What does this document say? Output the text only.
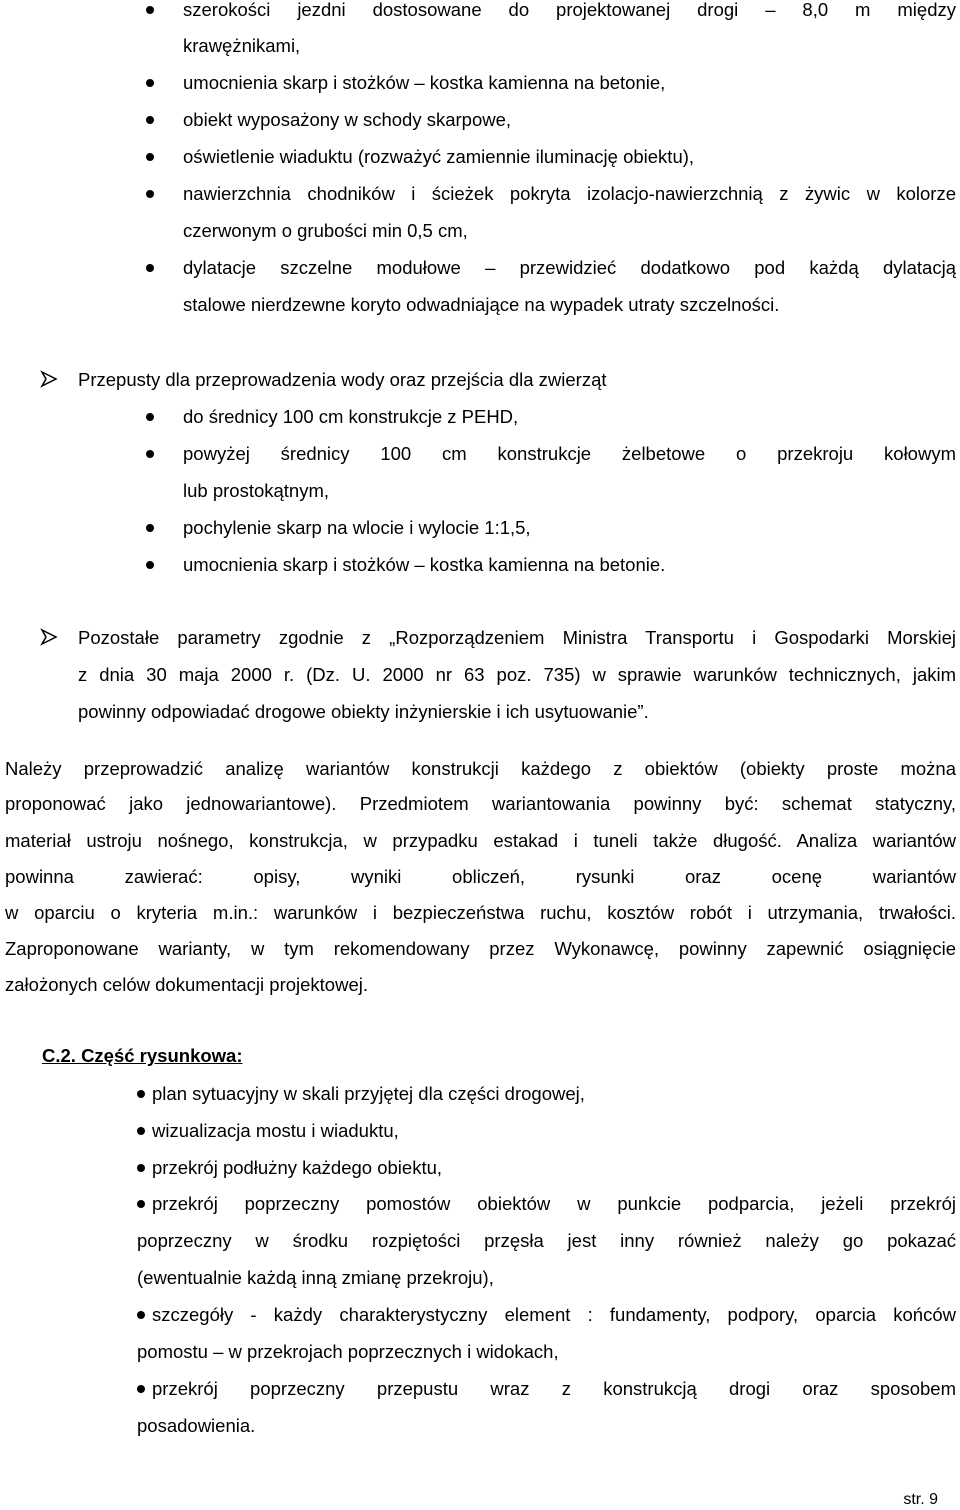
szerokości jezdni dostosowane do projektowanej drogi – 8,0 m między
krawężnikami,
umocnienia skarp i stożków – kostka kamienna na betonie,
obiekt wyposażony w schody skarpowe,
oświetlenie wiaduktu (rozważyć zamiennie iluminację obiektu),
nawierzchnia chodników i ścieżek pokryta izolacjo-nawierzchnią z żywic w kolorze
czerwonym o grubości min 0,5 cm,
dylatacje szczelne modułowe – przewidzieć dodatkowo pod każdą dylatacją
stalowe nierdzewne koryto odwadniające na wypadek utraty szczelności.
Przepusty dla przeprowadzenia wody oraz przejścia dla zwierząt
do średnicy 100 cm konstrukcje z PEHD,
powyżej średnicy 100 cm konstrukcje żelbetowe o przekroju kołowym
lub prostokątnym,
pochylenie skarp na wlocie i wylocie 1:1,5,
umocnienia skarp i stożków – kostka kamienna na betonie.
Pozostałe parametry zgodnie z „Rozporządzeniem Ministra Transportu i Gospodarki Morskiej
z dnia 30 maja 2000 r. (Dz. U. 2000 nr 63 poz. 735) w sprawie warunków technicznych, jakim
powinny odpowiadać drogowe obiekty inżynierskie i ich usytuowanie”.
Należy przeprowadzić analizę wariantów konstrukcji każdego z obiektów (obiekty proste można
proponować jako jednowariantowe). Przedmiotem wariantowania powinny być: schemat statyczny,
materiał ustroju nośnego, konstrukcja, w przypadku estakad i tuneli także długość. Analiza wariantów
powinna zawierać: opisy, wyniki obliczeń, rysunki oraz ocenę wariantów
w oparciu o kryteria m.in.: warunków i bezpieczeństwa ruchu, kosztów robót i utrzymania, trwałości.
Zaproponowane warianty, w tym rekomendowany przez Wykonawcę, powinny zapewnić osiągnięcie
założonych celów dokumentacji projektowej.
C.2. Część rysunkowa:
plan sytuacyjny w skali przyjętej dla części drogowej,
wizualizacja mostu i wiaduktu,
przekrój podłużny każdego obiektu,
przekrój poprzeczny pomostów obiektów w punkcie podparcia, jeżeli przekrój
poprzeczny w środku rozpiętości przęsła jest inny również należy go pokazać
(ewentualnie każdą inną zmianę przekroju),
szczegóły - każdy charakterystyczny element : fundamenty, podpory, oparcia końców
pomostu – w przekrojach poprzecznych i widokach,
przekrój poprzeczny przepustu wraz z konstrukcją drogi oraz sposobem
posadowienia.
str. 9
